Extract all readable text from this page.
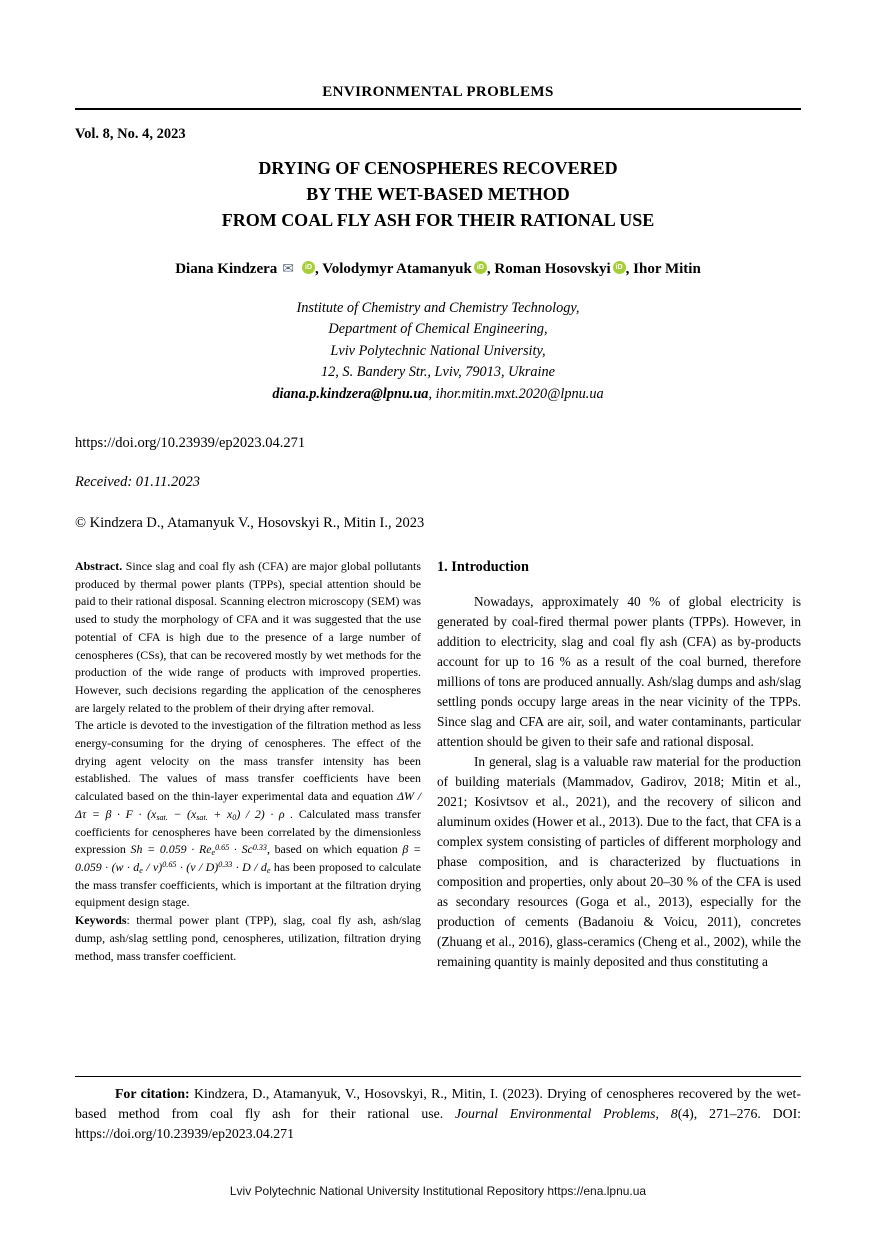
ENVIRONMENTAL PROBLEMS
Vol. 8, No. 4, 2023
DRYING OF CENOSPHERES RECOVERED
BY THE WET-BASED METHOD
FROM COAL FLY ASH FOR THEIR RATIONAL USE
Diana Kindzera ✉	iD , Volodymyr Atamanyuk iD , Roman Hosovskyi iD , Ihor Mitin
Institute of Chemistry and Chemistry Technology,
Department of Chemical Engineering,
Lviv Polytechnic National University,
12, S. Bandery Str., Lviv, 79013, Ukraine
diana.p.kindzera@lpnu.ua, ihor.mitin.mxt.2020@lpnu.ua
https://doi.org/10.23939/ep2023.04.271
Received: 01.11.2023
© Kindzera D., Atamanyuk V., Hosovskyi R., Mitin I., 2023

Abstract. Since slag and coal fly ash (CFA) are major global pollutants produced by thermal power plants (TPPs), special attention should be paid to their rational disposal. Scanning electron microscopy (SEM) was used to study the morphology of CFA and it was suggested that the use potential of CFA is high due to the presence of a large number of cenospheres (CSs), that can be recovered mostly by wet methods for the production of the wide range of products with improved properties. However, such decisions regarding the application of the cenospheres are largely related to the problem of their drying after removal.

The article is devoted to the investigation of the filtration method as less energy-consuming for the drying of cenospheres. The effect of the drying agent velocity on the mass transfer intensity has been established. The values of mass transfer coefficients have been calculated based on the thin-layer experimental data and equation $\Delta W / \Delta\tau = \beta \cdot F \cdot (x_{sat.} - (x_{sat.} + x_0) / 2) \cdot \rho$ . Calculated mass transfer coefficients for cenospheres have been correlated by the dimensionless expression $Sh = 0.059 \cdot Re_e^{0.65} \cdot Sc^{0.33}$, based on which equation $\beta = 0.059 \cdot (w \cdot d_e / \nu)^{0.65} \cdot (\nu / D)^{0.33} \cdot D / d_e$ has been proposed to calculate the mass transfer coefficients, which is important at the filtration drying equipment design stage.

Keywords: thermal power plant (TPP), slag, coal fly ash, ash/slag dump, ash/slag settling pond, cenospheres, utilization, filtration drying method, mass transfer coefficient.

1. Introduction

Nowadays, approximately 40 % of global electricity is generated by coal-fired thermal power plants (TPPs). However, in addition to electricity, slag and coal fly ash (CFA) as by-products account for up to 16 % as a result of the coal burned, therefore millions of tons are produced annually. Ash/slag dumps and ash/slag settling ponds occupy large areas in the near vicinity of the TPPs. Since slag and CFA are air, soil, and water contaminants, particular attention should be given to their safe and rational disposal.

In general, slag is a valuable raw material for the production of building materials (Mammadov, Gadirov, 2018; Mitin et al., 2021; Kosivtsov et al., 2021), and the recovery of silicon and aluminum oxides (Hower et al., 2013). Due to the fact, that CFA is a complex system consisting of particles of different morphology and phase composition, and is characterized by fluctuations in composition and properties, only about 20–30 % of the CFA is used as secondary resources (Goga et al., 2013), especially for the production of cements (Badanoiu & Voicu, 2011), concretes (Zhuang et al., 2016), glass-ceramics (Cheng et al., 2002), while the remaining quantity is mainly deposited and thus constituting a

For citation: Kindzera, D., Atamanyuk, V., Hosovskyi, R., Mitin, I. (2023). Drying of cenospheres recovered by the wet-based method from coal fly ash for their rational use. Journal Environmental Problems, 8(4), 271–276. DOI: https://doi.org/10.23939/ep2023.04.271

Lviv Polytechnic National University Institutional Repository https://ena.lpnu.ua
